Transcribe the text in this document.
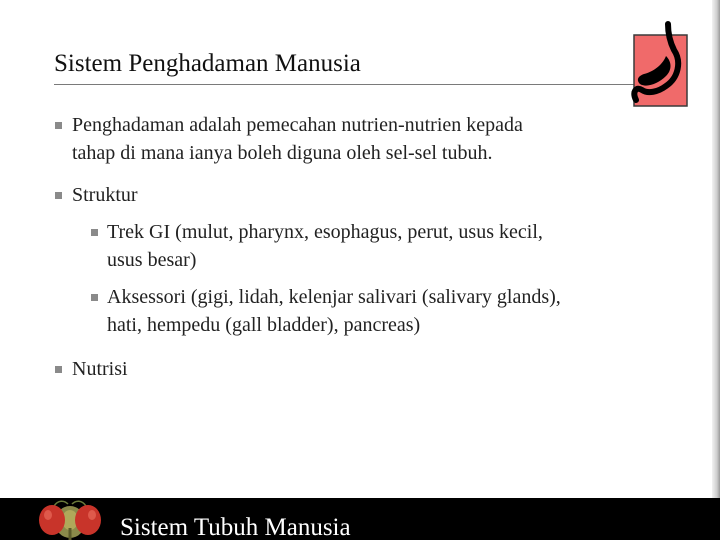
Sistem Penghadaman Manusia
Penghadaman adalah pemecahan nutrien-nutrien kepada
tahap di mana ianya boleh diguna oleh sel-sel tubuh.
Struktur
Trek GI (mulut, pharynx, esophagus, perut, usus kecil,
usus besar)
Aksessori (gigi, lidah, kelenjar salivari (salivary glands),
hati, hempedu (gall bladder), pancreas)
Nutrisi
Sistem Tubuh Manusia
